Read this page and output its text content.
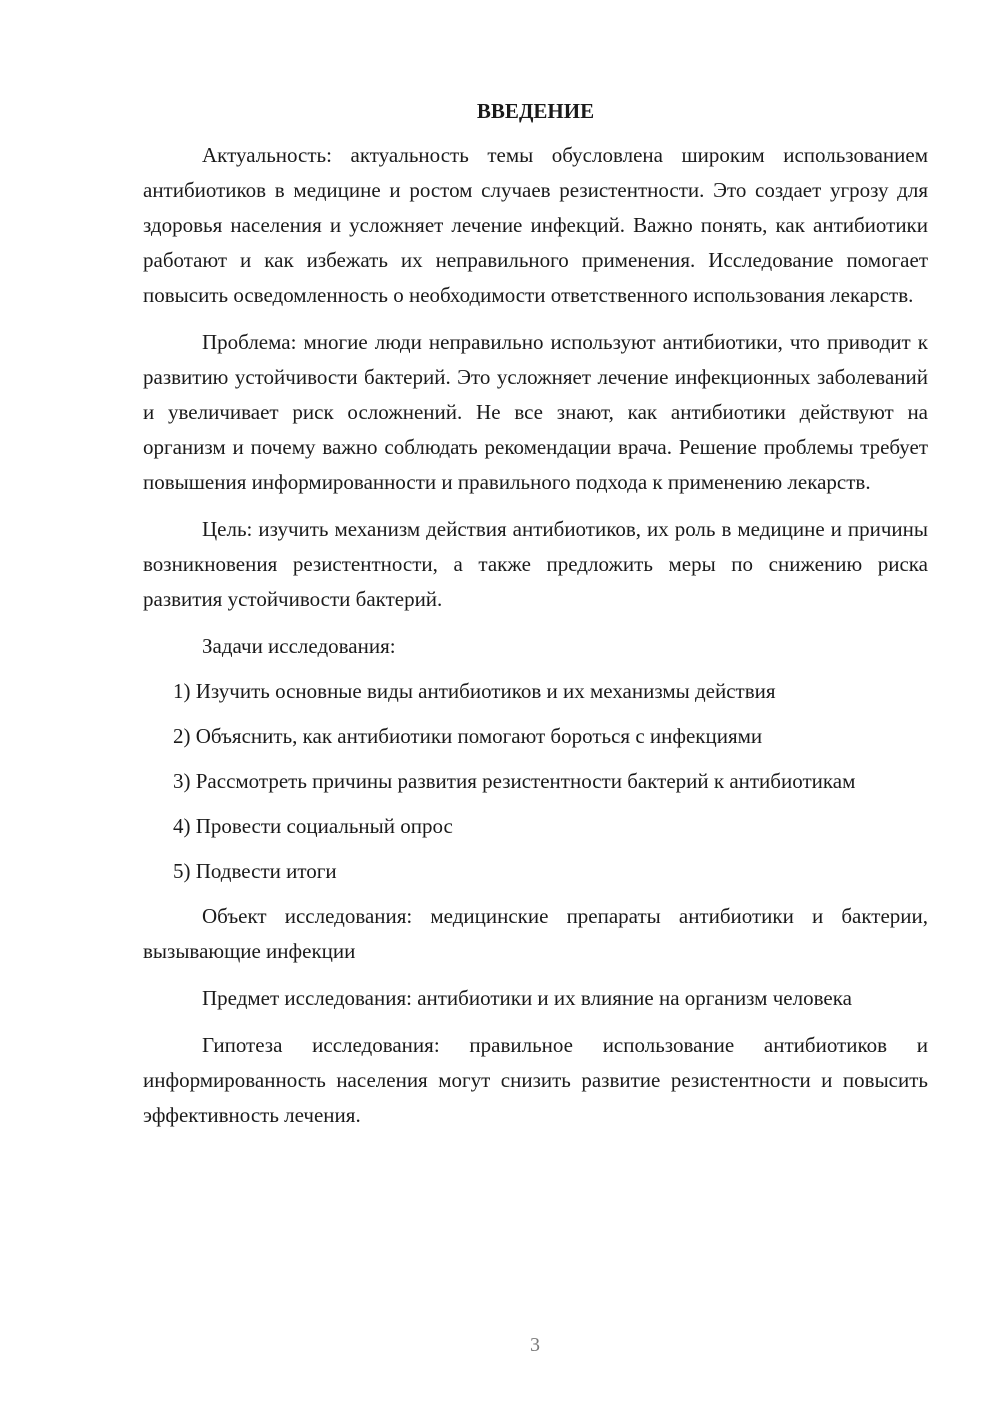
ВВЕДЕНИЕ

Актуальность: актуальность темы обусловлена широким использованием антибиотиков в медицине и ростом случаев резистентности. Это создает угрозу для здоровья населения и усложняет лечение инфекций. Важно понять, как антибиотики работают и как избежать их неправильного применения. Исследование помогает повысить осведомленность о необходимости ответственного использования лекарств.

Проблема: многие люди неправильно используют антибиотики, что приводит к развитию устойчивости бактерий. Это усложняет лечение инфекционных заболеваний и увеличивает риск осложнений. Не все знают, как антибиотики действуют на организм и почему важно соблюдать рекомендации врача. Решение проблемы требует повышения информированности и правильного подхода к применению лекарств.

Цель: изучить механизм действия антибиотиков, их роль в медицине и причины возникновения резистентности, а также предложить меры по снижению риска развития устойчивости бактерий.

Задачи исследования:

1) Изучить основные виды антибиотиков и их механизмы действия

2) Объяснить, как антибиотики помогают бороться с инфекциями

3) Рассмотреть причины развития резистентности бактерий к антибиотикам

4) Провести социальный опрос

5) Подвести итоги

Объект исследования: медицинские препараты антибиотики и бактерии, вызывающие инфекции

Предмет исследования: антибиотики и их влияние на организм человека

Гипотеза исследования: правильное использование антибиотиков и информированность населения могут снизить развитие резистентности и повысить эффективность лечения.

3
